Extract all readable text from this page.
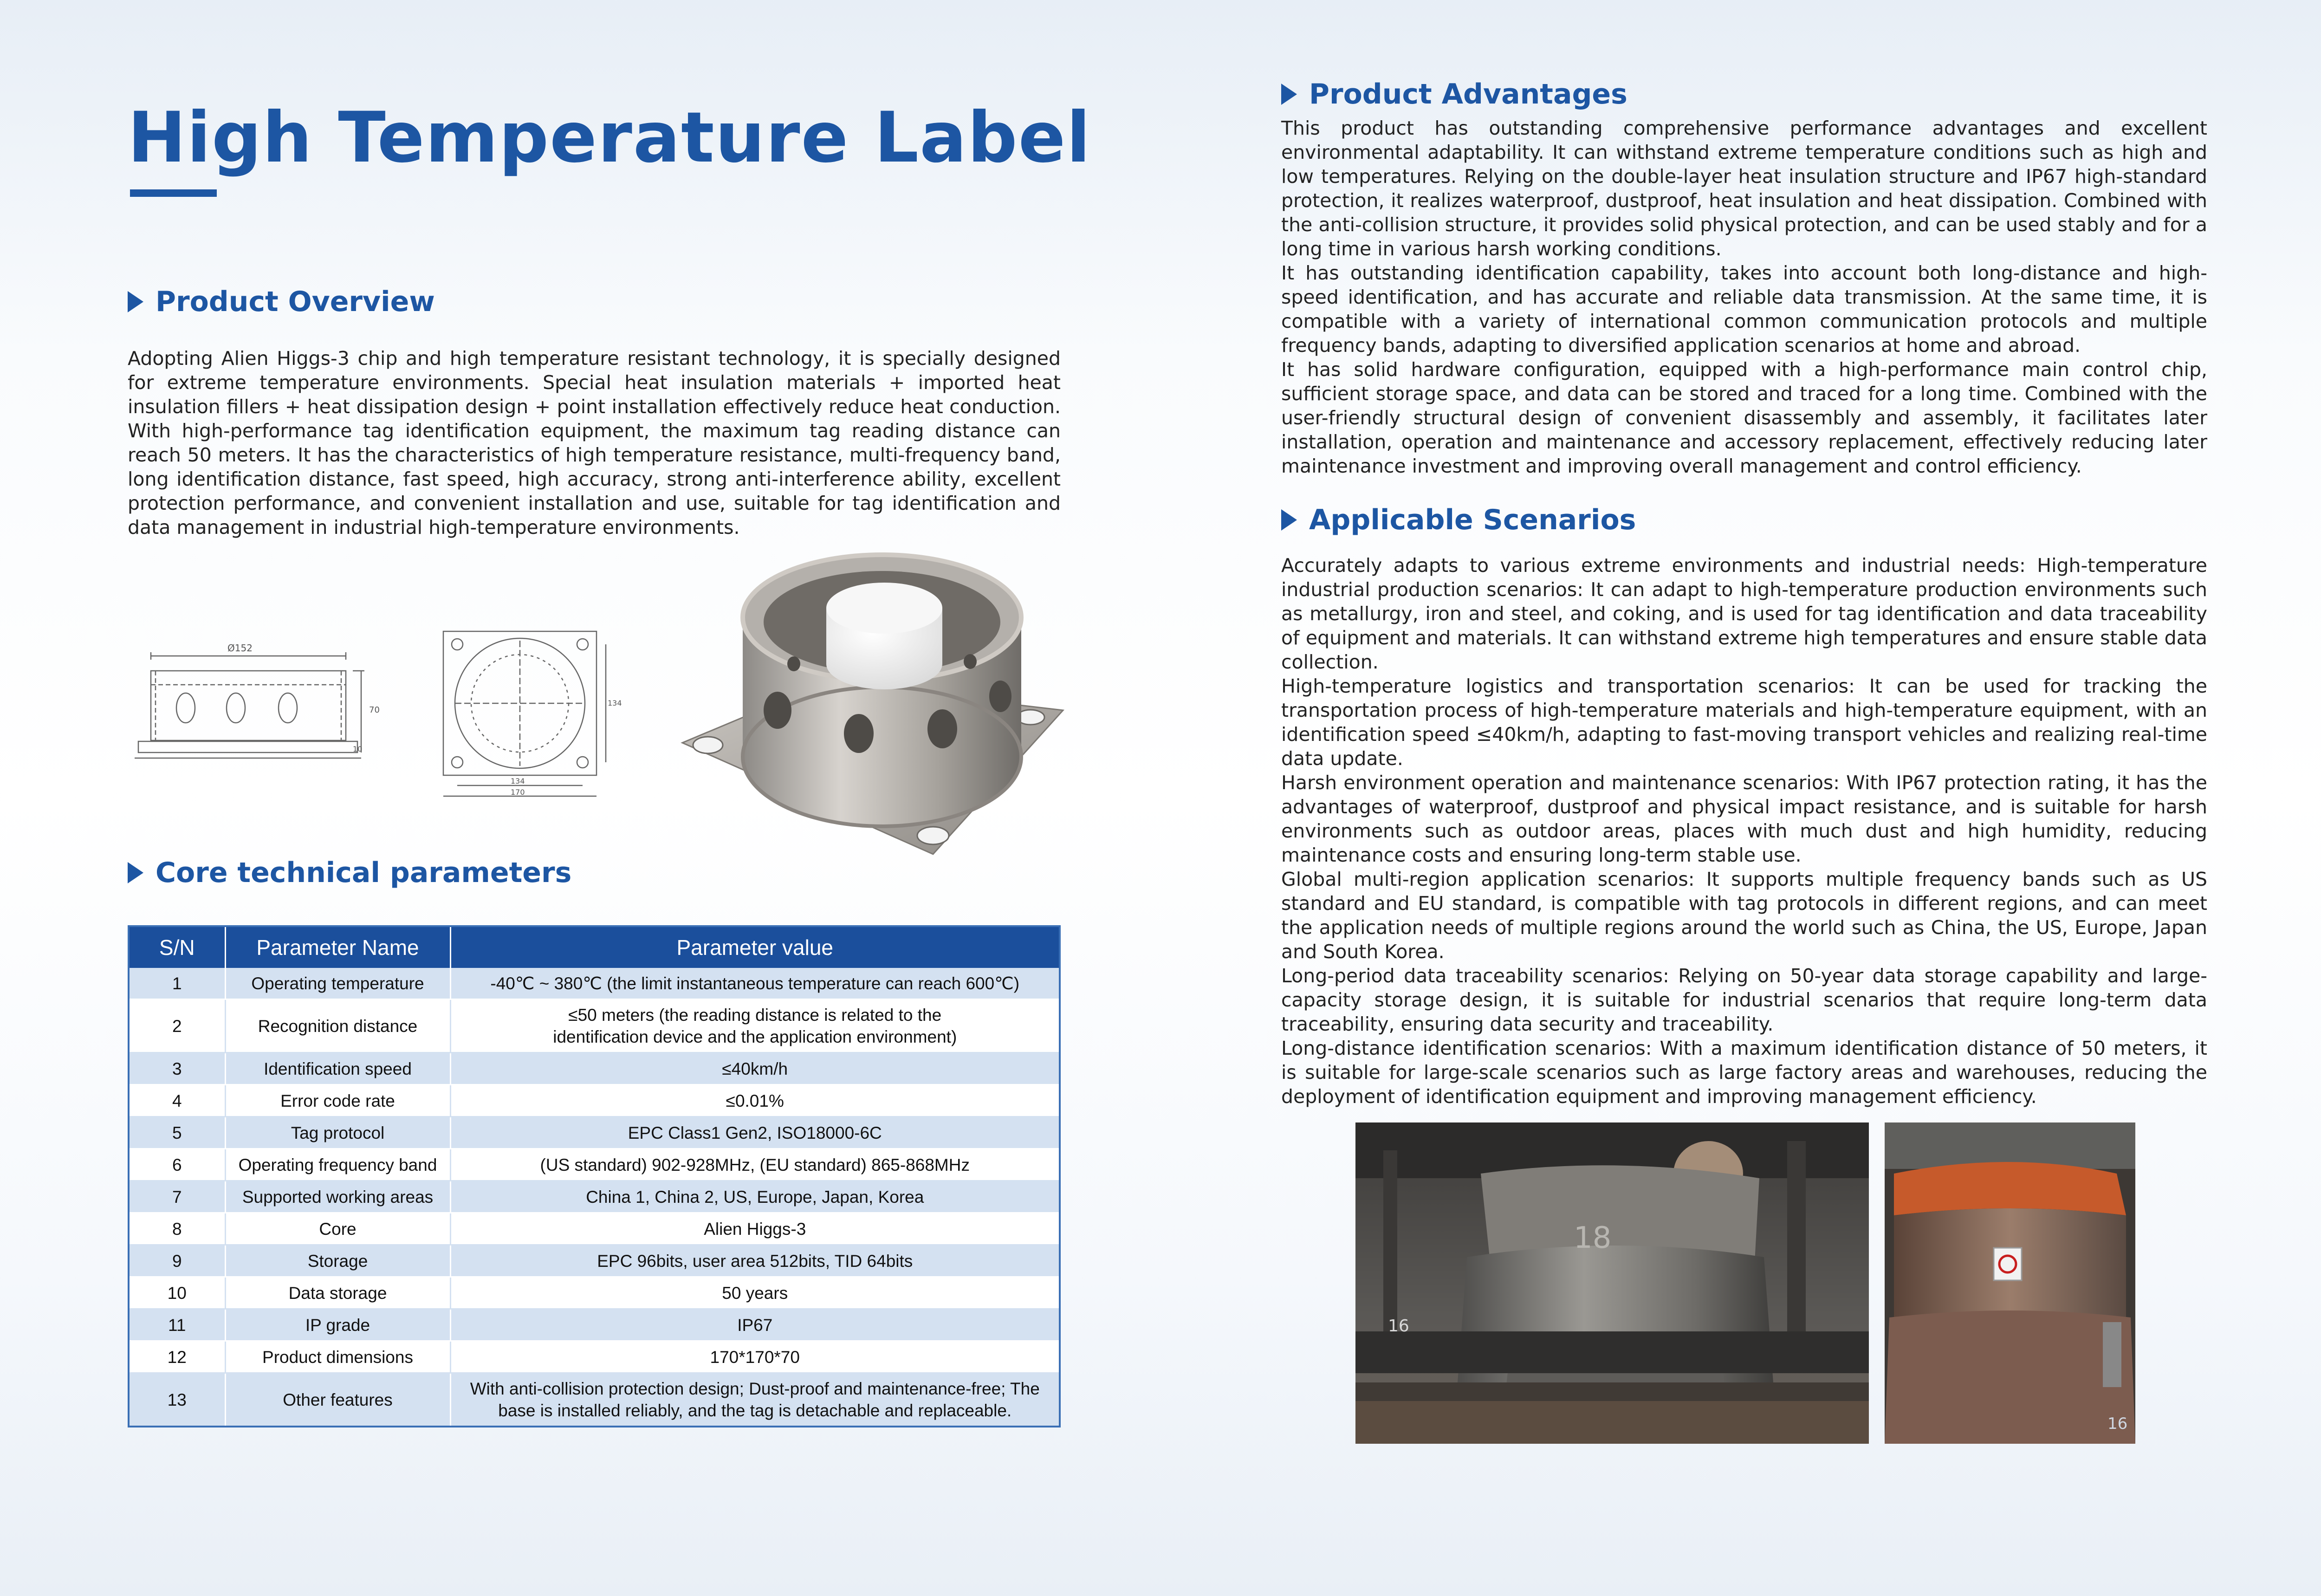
High Temperature Label
Product Overview

Adopting Alien Higgs-3 chip and high temperature resistant technology, it is specially designed for extreme temperature environments. Special heat insulation materials + imported heat insulation fillers + heat dissipation design + point installation effectively reduce heat conduction. With high-performance tag identification equipment, the maximum tag reading distance can reach 50 meters. It has the characteristics of high temperature resistance, multi-frequency band, long identification distance, fast speed, high accuracy, strong anti-interference ability, excellent protection performance, and convenient installation and use, suitable for tag identification and data management in industrial high-temperature environments.

Ø152
70
10
134
170
134
Core technical parameters
S/N	Parameter Name	Parameter value
1	Operating temperature	-40℃ ~ 380℃ (the limit instantaneous temperature can reach 600℃)
2	Recognition distance	≤50 meters (the reading distance is related to the identification device and the application environment)
3	Identification speed	≤40km/h
4	Error code rate	≤0.01%
5	Tag protocol	EPC Class1 Gen2, ISO18000-6C
6	Operating frequency band	(US standard) 902-928MHz, (EU standard) 865-868MHz
7	Supported working areas	China 1, China 2, US, Europe, Japan, Korea
8	Core	Alien Higgs-3
9	Storage	EPC 96bits, user area 512bits, TID 64bits
10	Data storage	50 years
11	IP grade	IP67
12	Product dimensions	170*170*70
13	Other features	With anti-collision protection design; Dust-proof and maintenance-free; The base is installed reliably, and the tag is detachable and replaceable.
Product Advantages

This product has outstanding comprehensive performance advantages and excellent environmental adaptability. It can withstand extreme temperature conditions such as high and low temperatures. Relying on the double-layer heat insulation structure and IP67 high-standard protection, it realizes waterproof, dustproof, heat insulation and heat dissipation. Combined with the anti-collision structure, it provides solid physical protection, and can be used stably and for a long time in various harsh working conditions.

It has outstanding identification capability, takes into account both long-distance and high-speed identification, and has accurate and reliable data transmission. At the same time, it is compatible with a variety of international common communication protocols and multiple frequency bands, adapting to diversified application scenarios at home and abroad.

It has solid hardware configuration, equipped with a high-performance main control chip, sufficient storage space, and data can be stored and traced for a long time. Combined with the user-friendly structural design of convenient disassembly and assembly, it facilitates later installation, operation and maintenance and accessory replacement, effectively reducing later maintenance investment and improving overall management and control efficiency.

Applicable Scenarios

Accurately adapts to various extreme environments and industrial needs: High-temperature industrial production scenarios: It can adapt to high-temperature production environments such as metallurgy, iron and steel, and coking, and is used for tag identification and data traceability of equipment and materials. It can withstand extreme high temperatures and ensure stable data collection.

High-temperature logistics and transportation scenarios: It can be used for tracking the transportation process of high-temperature materials and high-temperature equipment, with an identification speed ≤40km/h, adapting to fast-moving transport vehicles and realizing real-time data update.

Harsh environment operation and maintenance scenarios: With IP67 protection rating, it has the advantages of waterproof, dustproof and physical impact resistance, and is suitable for harsh environments such as outdoor areas, places with much dust and high humidity, reducing maintenance costs and ensuring long-term stable use.

Global multi-region application scenarios: It supports multiple frequency bands such as US standard and EU standard, is compatible with tag protocols in different regions, and can meet the application needs of multiple regions around the world such as China, the US, Europe, Japan and South Korea.

Long-period data traceability scenarios: Relying on 50-year data storage capability and large-capacity storage design, it is suitable for industrial scenarios that require long-term data traceability, ensuring data security and traceability.

Long-distance identification scenarios: With a maximum identification distance of 50 meters, it is suitable for large-scale scenarios such as large factory areas and warehouses, reducing the deployment of identification equipment and improving management efficiency.

18
16
16
